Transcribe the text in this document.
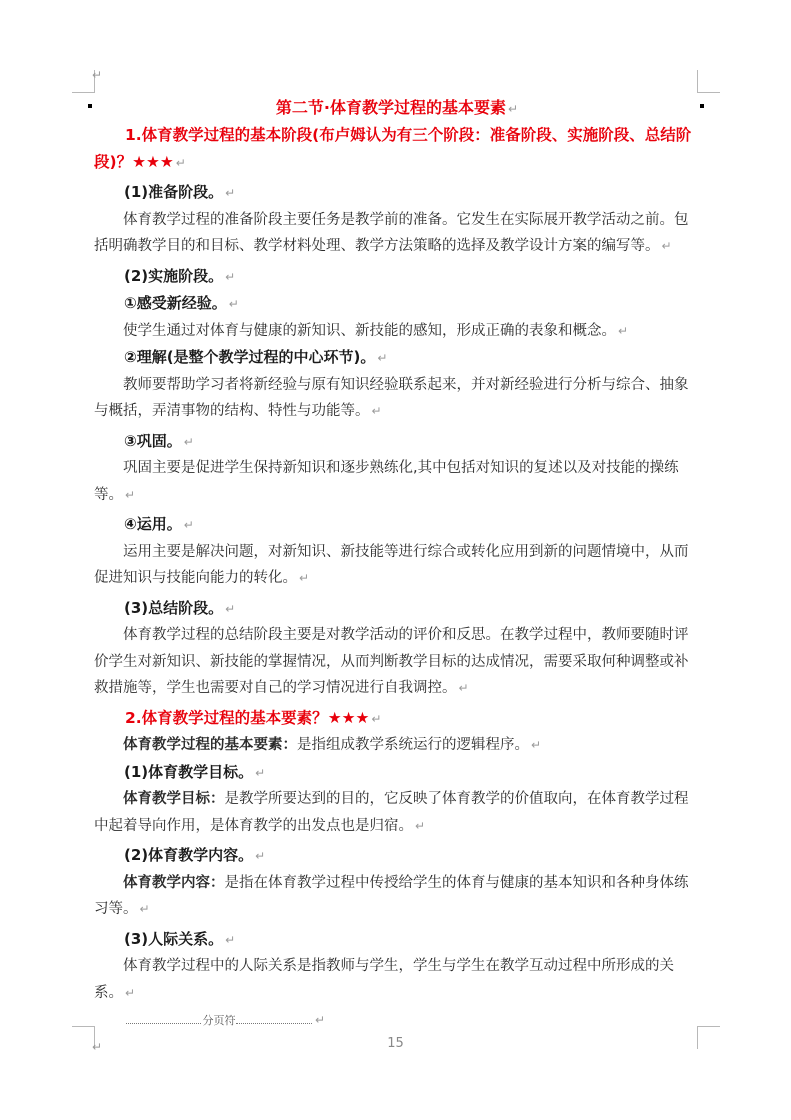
↵
↵
第二节·体育教学过程的基本要素 ↵

1.体育教学过程的基本阶段(布卢姆认为有三个阶段：准备阶段、实施阶段、总结阶段)？★★★ ↵

(1)准备阶段。 ↵

体育教学过程的准备阶段主要任务是教学前的准备。它发生在实际展开教学活动之前。包括明确教学目的和目标、教学材料处理、教学方法策略的选择及教学设计方案的编写等。 ↵

(2)实施阶段。 ↵

①感受新经验。 ↵

使学生通过对体育与健康的新知识、新技能的感知，形成正确的表象和概念。 ↵

②理解(是整个教学过程的中心环节)。 ↵

教师要帮助学习者将新经验与原有知识经验联系起来，并对新经验进行分析与综合、抽象与概括，弄清事物的结构、特性与功能等。 ↵

③巩固。 ↵

巩固主要是促进学生保持新知识和逐步熟练化,其中包括对知识的复述以及对技能的操练等。 ↵

④运用。 ↵

运用主要是解决问题，对新知识、新技能等进行综合或转化应用到新的问题情境中，从而促进知识与技能向能力的转化。 ↵

(3)总结阶段。 ↵

体育教学过程的总结阶段主要是对教学活动的评价和反思。在教学过程中，教师要随时评价学生对新知识、新技能的掌握情况，从而判断教学目标的达成情况，需要采取何种调整或补救措施等，学生也需要对自己的学习情况进行自我调控。 ↵

2.体育教学过程的基本要素？★★★ ↵

体育教学过程的基本要素：是指组成教学系统运行的逻辑程序。 ↵

(1)体育教学目标。 ↵

体育教学目标：是教学所要达到的目的，它反映了体育教学的价值取向，在体育教学过程中起着导向作用，是体育教学的出发点也是归宿。 ↵

(2)体育教学内容。 ↵

体育教学内容：是指在体育教学过程中传授给学生的体育与健康的基本知识和各种身体练习等。 ↵

(3)人际关系。 ↵

体育教学过程中的人际关系是指教师与学生，学生与学生在教学互动过程中所形成的关系。 ↵

分页符	↵
15
